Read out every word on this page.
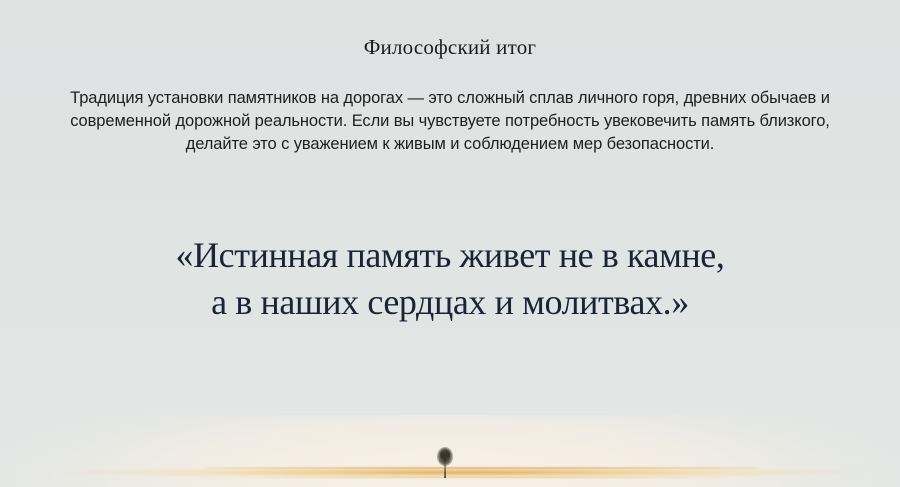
Философский итог

Традиция установки памятников на дорогах — это сложный сплав личного горя, древних обычаев и современной дорожной реальности. Если вы чувствуете потребность увековечить память близкого, делайте это с уважением к живым и соблюдением мер безопасности.

«Истинная память живет не в камне,
а в наших сердцах и молитвах.»
